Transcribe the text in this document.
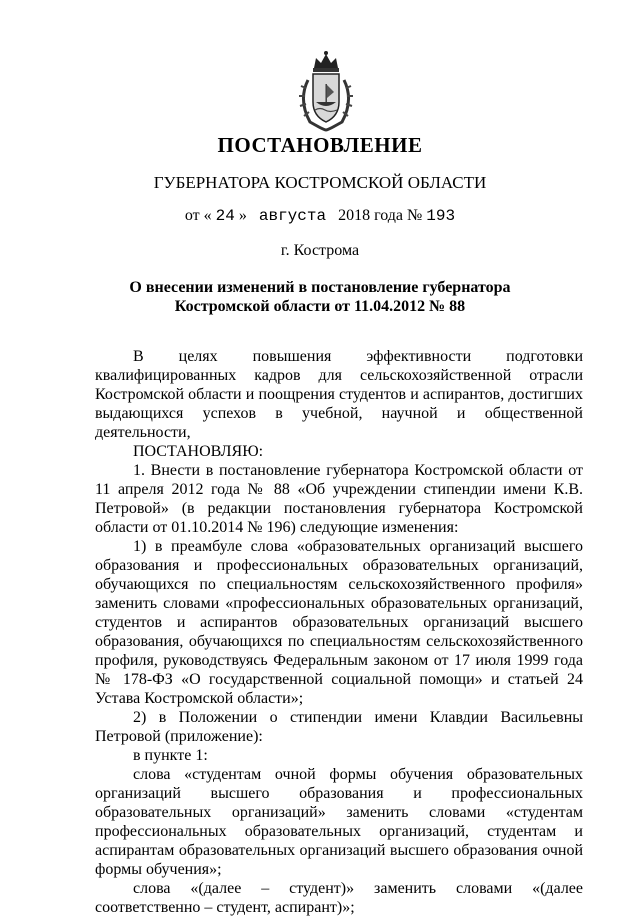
ПОСТАНОВЛЕНИЕ
ГУБЕРНАТОРА КОСТРОМСКОЙ ОБЛАСТИ
от « 24 » августа 2018 года № 193
г. Кострома
О внесении изменений в постановление губернатора
Костромской области от 11.04.2012 № 88

В целях повышения эффективности подготовки квалифицированных кадров для сельскохозяйственной отрасли Костромской области и поощрения студентов и аспирантов, достигших выдающихся успехов в учебной, научной и общественной деятельности,

ПОСТАНОВЛЯЮ:

1. Внести в постановление губернатора Костромской области от 11 апреля 2012 года № 88 «Об учреждении стипендии имени К.В. Петровой» (в редакции постановления губернатора Костромской области от 01.10.2014 № 196) следующие изменения:

1) в преамбуле слова «образовательных организаций высшего образования и профессиональных образовательных организаций, обучающихся по специальностям сельскохозяйственного профиля» заменить словами «профессиональных образовательных организаций, студентов и аспирантов образовательных организаций высшего образования, обучающихся по специальностям сельскохозяйственного профиля, руководствуясь Федеральным законом от 17 июля 1999 года № 178-ФЗ «О государственной социальной помощи» и статьей 24 Устава Костромской области»;

2) в Положении о стипендии имени Клавдии Васильевны Петровой (приложение):

в пункте 1:

слова «студентам очной формы обучения образовательных организаций высшего образования и профессиональных образовательных организаций» заменить словами «студентам профессиональных образовательных организаций, студентам и аспирантам образовательных организаций высшего образования очной формы обучения»;

слова «(далее – студент)» заменить словами «(далее соответственно – студент, аспирант)»;
